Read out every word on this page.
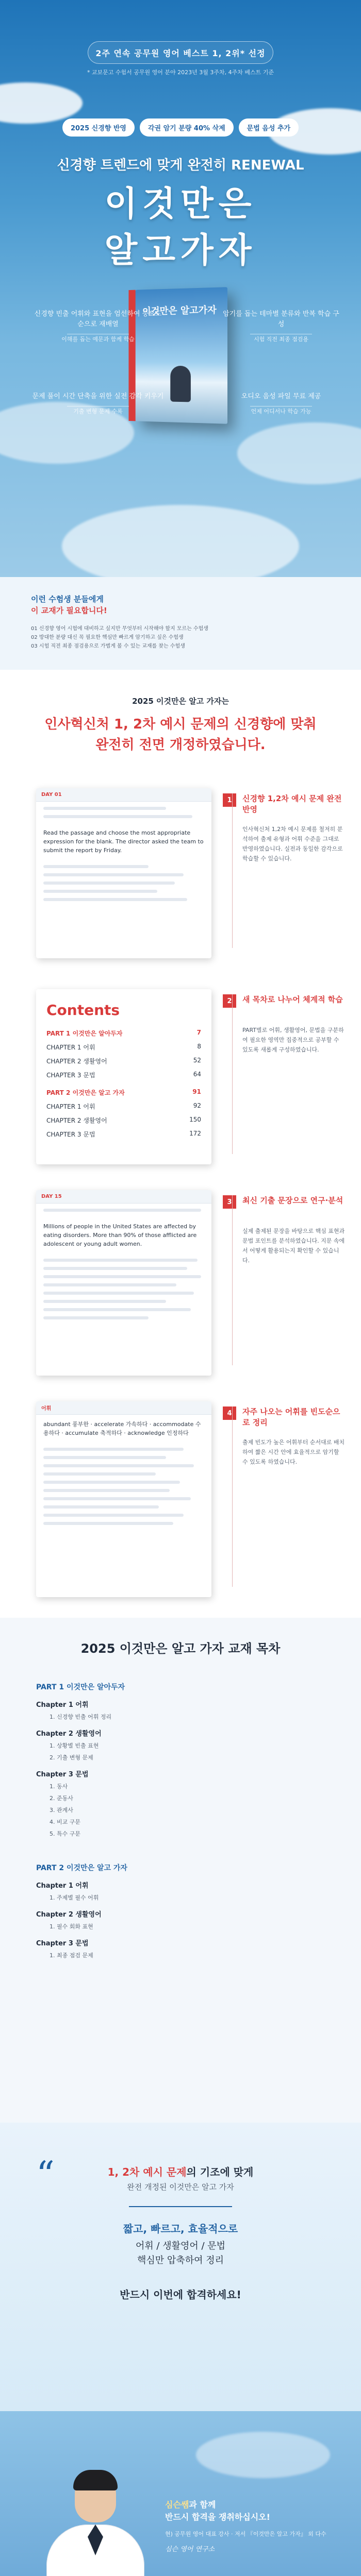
2주 연속 공무원 영어 베스트 1, 2위* 선정
* 교보문고 수험서 공무원 영어 분야 2023년 3월 3주차, 4주차 베스트 기준
2025 신경향 반영	각권 암기 분량 40% 삭제	문법 음성 추가
신경향 트렌드에 맞게 완전히 RENEWAL
이것만은
알고가자
이것만은 알고가자
신경향 빈출 어휘와 표현을 엄선하여 중요도 순으로 재배열
이해를 돕는 예문과 함께 학습
문제 풀이 시간 단축을 위한 실전 감각 키우기
기출 변형 문제 수록
암기를 돕는 테마별 분류와 반복 학습 구성
시험 직전 최종 점검용
오디오 음성 파일 무료 제공
언제 어디서나 학습 가능
이런 수험생 분들에게
이 교재가 필요합니다!
01 신경향 영어 시험에 대비하고 싶지만 무엇부터 시작해야 할지 모르는 수험생
02 방대한 분량 대신 꼭 필요한 핵심만 빠르게 암기하고 싶은 수험생
03 시험 직전 최종 점검용으로 가볍게 볼 수 있는 교재를 찾는 수험생
2025 이것만은 알고 가자는
인사혁신처 1, 2차 예시 문제의 신경향에 맞춰
완전히 전면 개정하였습니다.
DAY 01
Read the passage and choose the most appropriate expression for the blank. The director asked the team to submit the report by Friday.
1	신경향 1,2차 예시 문제 완전 반영
인사혁신처 1,2차 예시 문제를 철저히 분석하여 출제 유형과 어휘 수준을 그대로 반영하였습니다. 실전과 동일한 감각으로 학습할 수 있습니다.
Contents
PART 1 이것만은 알아두자	7
CHAPTER 1 어휘	8
CHAPTER 2 생활영어	52
CHAPTER 3 문법	64
PART 2 이것만은 알고 가자	91
CHAPTER 1 어휘	92
CHAPTER 2 생활영어	150
CHAPTER 3 문법	172
2	새 목차로 나누어 체계적 학습
PART별로 어휘, 생활영어, 문법을 구분하여 필요한 영역만 집중적으로 공부할 수 있도록 새롭게 구성하였습니다.
DAY 15
Millions of people in the United States are affected by eating disorders. More than 90% of those afflicted are adolescent or young adult women.
3	최신 기출 문장으로 연구·분석
실제 출제된 문장을 바탕으로 핵심 표현과 문법 포인트를 분석하였습니다. 지문 속에서 어떻게 활용되는지 확인할 수 있습니다.
어휘
abundant 풍부한 · accelerate 가속하다 · accommodate 수용하다 · accumulate 축적하다 · acknowledge 인정하다
4	자주 나오는 어휘를 빈도순으로 정리
출제 빈도가 높은 어휘부터 순서대로 배치하여 짧은 시간 안에 효율적으로 암기할 수 있도록 하였습니다.
2025 이것만은 알고 가자 교재 목차
PART 1 이것만은 알아두자
Chapter 1 어휘
1. 신경향 빈출 어휘 정리
Chapter 2 생활영어
1. 상황별 빈출 표현
2. 기출 변형 문제
Chapter 3 문법
1. 동사
2. 준동사
3. 관계사
4. 비교 구문
5. 특수 구문
PART 2 이것만은 알고 가자
Chapter 1 어휘
1. 주제별 필수 어휘
Chapter 2 생활영어
1. 필수 회화 표현
Chapter 3 문법
1. 최종 점검 문제
“	1, 2차 예시 문제의 기조에 맞게
완전 개정된 이것만은 알고 가자
짧고, 빠르고, 효율적으로
어휘 / 생활영어 / 문법
핵심만 압축하여 정리
반드시 이번에 합격하세요!
심슨쌤과 함께
반드시 합격을 쟁취하십시오!
현) 공무원 영어 대표 강사 · 저서 『이것만은 알고 가자』 외 다수
심슨 영어 연구소
